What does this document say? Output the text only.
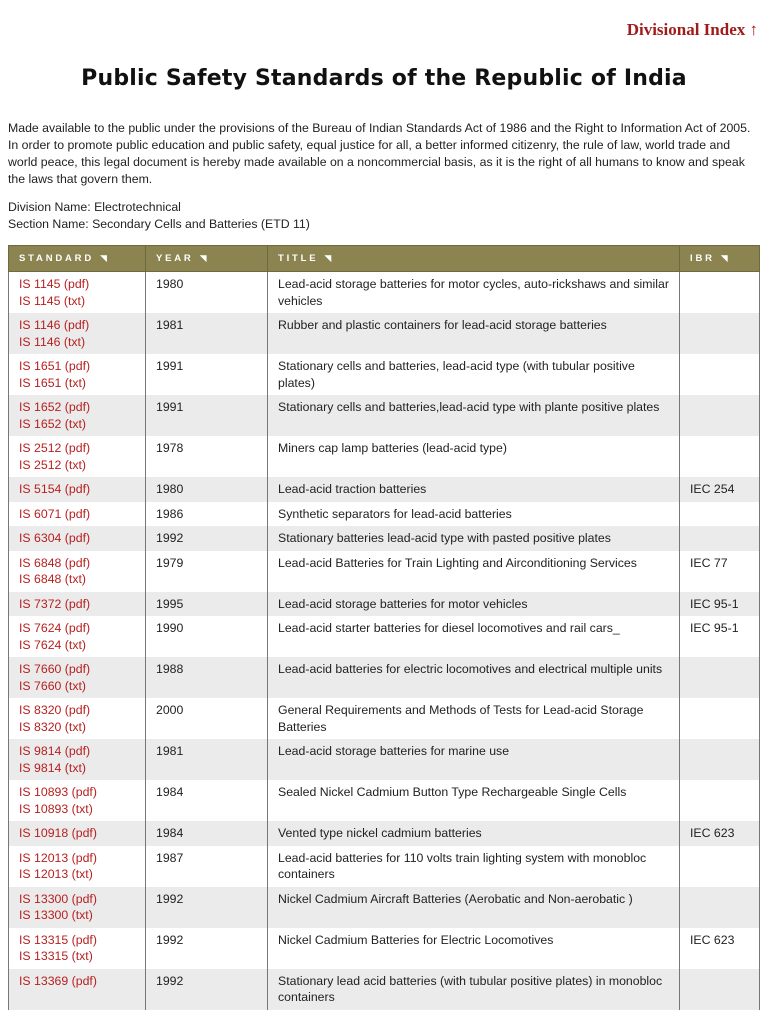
Divisional Index ↑
Public Safety Standards of the Republic of India

Made available to the public under the provisions of the Bureau of Indian Standards Act of 1986 and the Right to Information Act of 2005. In order to promote public education and public safety, equal justice for all, a better informed citizenry, the rule of law, world trade and world peace, this legal document is hereby made available on a noncommercial basis, as it is the right of all humans to know and speak the laws that govern them.

Division Name: Electrotechnical
Section Name: Secondary Cells and Batteries (ETD 11)
STANDARD ◥	YEAR ◥	TITLE ◥	IBR ◥

IS 1145 (pdf)
IS 1145 (txt)	1980	Lead-acid storage batteries for motor cycles, auto-rickshaws and similar vehicles	

IS 1146 (pdf)
IS 1146 (txt)	1981	Rubber and plastic containers for lead-acid storage batteries	

IS 1651 (pdf)
IS 1651 (txt)	1991	Stationary cells and batteries, lead-acid type (with tubular positive plates)	

IS 1652 (pdf)
IS 1652 (txt)	1991	Stationary cells and batteries,lead-acid type with plante positive plates	

IS 2512 (pdf)
IS 2512 (txt)	1978	Miners cap lamp batteries (lead-acid type)	

IS 5154 (pdf)	1980	Lead-acid traction batteries	IEC 254

IS 6071 (pdf)	1986	Synthetic separators for lead-acid batteries	

IS 6304 (pdf)	1992	Stationary batteries lead-acid type with pasted positive plates	

IS 6848 (pdf)
IS 6848 (txt)	1979	Lead-acid Batteries for Train Lighting and Airconditioning Services	IEC 77

IS 7372 (pdf)	1995	Lead-acid storage batteries for motor vehicles	IEC 95-1

IS 7624 (pdf)
IS 7624 (txt)	1990	Lead-acid starter batteries for diesel locomotives and rail cars_	IEC 95-1

IS 7660 (pdf)
IS 7660 (txt)	1988	Lead-acid batteries for electric locomotives and electrical multiple units	

IS 8320 (pdf)
IS 8320 (txt)	2000	General Requirements and Methods of Tests for Lead-acid Storage Batteries	

IS 9814 (pdf)
IS 9814 (txt)	1981	Lead-acid storage batteries for marine use	

IS 10893 (pdf)
IS 10893 (txt)	1984	Sealed Nickel Cadmium Button Type Rechargeable Single Cells	

IS 10918 (pdf)	1984	Vented type nickel cadmium batteries	IEC 623

IS 12013 (pdf)
IS 12013 (txt)	1987	Lead-acid batteries for 110 volts train lighting system with monobloc containers	

IS 13300 (pdf)
IS 13300 (txt)	1992	Nickel Cadmium Aircraft Batteries (Aerobatic and Non-aerobatic )	

IS 13315 (pdf)
IS 13315 (txt)	1992	Nickel Cadmium Batteries for Electric Locomotives	IEC 623

IS 13369 (pdf)	1992	Stationary lead acid batteries (with tubular positive plates) in monobloc containers	
